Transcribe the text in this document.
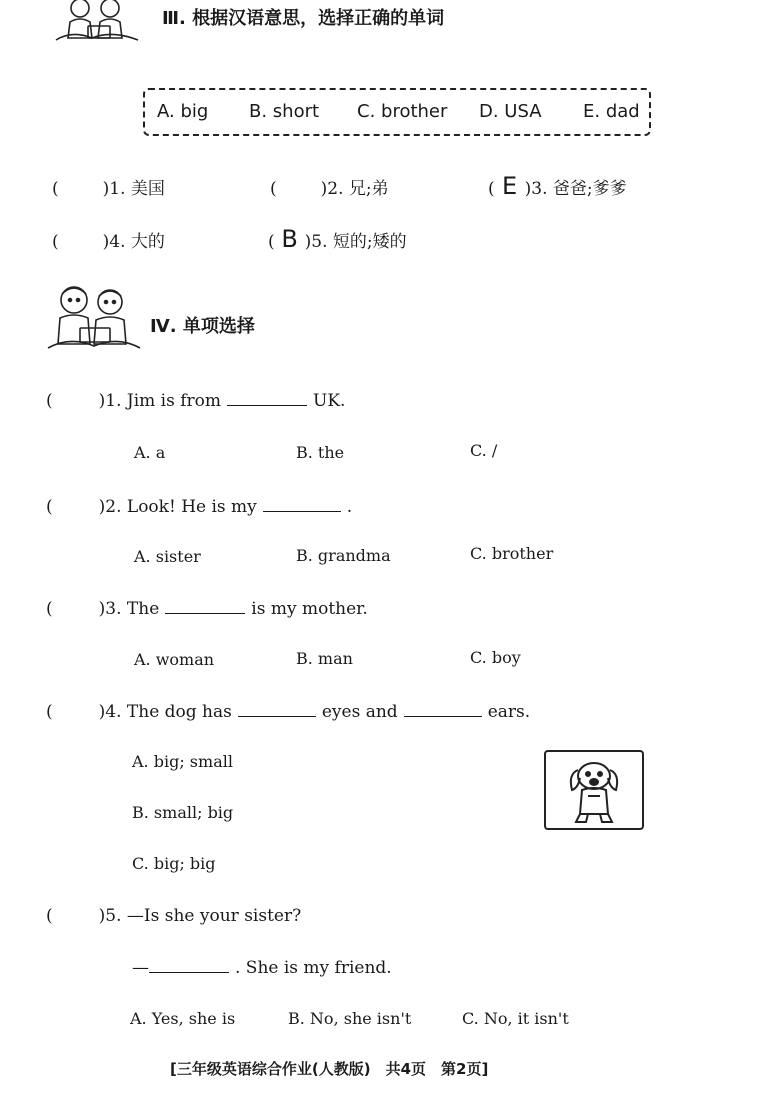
Ⅲ. 根据汉语意思，选择正确的单词
A. big B. short C. brother D. USA E. dad
(	)1. 美国	(	)2. 兄;弟	( E )3. 爸爸;爹爹
(	)4. 大的	( B )5. 短的;矮的
Ⅳ. 单项选择
(	)1. Jim is from	UK.
A. a	B. the	C. /
(	)2. Look! He is my	.
A. sister	B. grandma	C. brother
(	)3. The	is my mother.
A. woman	B. man	C. boy
(	)4. The dog has	eyes and	ears.
A. big; small
B. small; big
C. big; big
(	)5. —Is she your sister?
—	. She is my friend.
A. Yes, she is	B. No, she isn't	C. No, it isn't
[三年级英语综合作业(人教版)　共4页　第2页]
